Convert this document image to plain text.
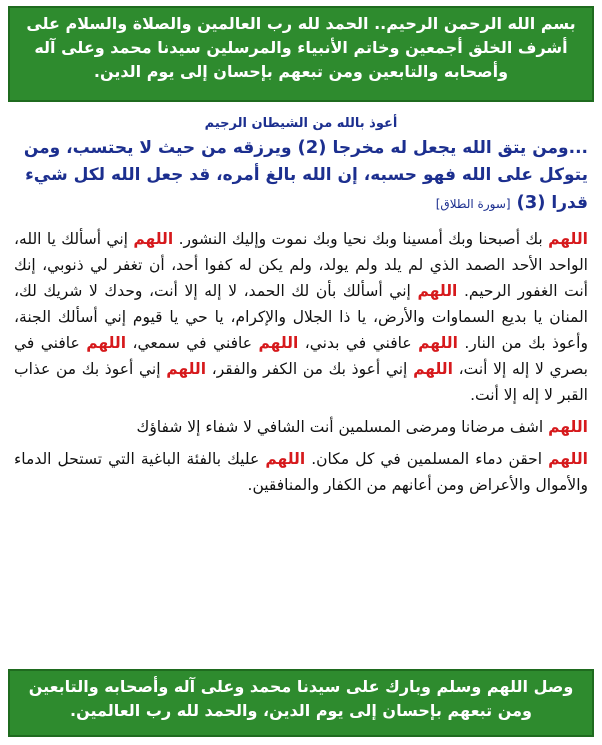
بسم الله الرحمن الرحيم.. الحمد لله رب العالمين والصلاة والسلام على أشرف الخلق أجمعين وخاتم الأنبياء والمرسلين سيدنا محمد وعلى آله وأصحابه والتابعين ومن تبعهم بإحسان إلى يوم الدين.
أعوذ بالله من الشيطان الرجيم
...ومن يتق الله يجعل له مخرجا (2) ويرزقه من حيث لا يحتسب، ومن يتوكل على الله فهو حسبه، إن الله بالغ أمره، قد جعل الله لكل شيء قدرا (3) [سورة الطلاق]

اللهم بك أصبحنا وبك أمسينا وبك نحيا وبك نموت وإليك النشور. اللهم إني أسألك يا الله، الواحد الأحد الصمد الذي لم يلد ولم يولد، ولم يكن له كفوا أحد، أن تغفر لي ذنوبي، إنك أنت الغفور الرحيم. اللهم إني أسألك بأن لك الحمد، لا إله إلا أنت، وحدك لا شريك لك، المنان يا بديع السماوات والأرض، يا ذا الجلال والإكرام، يا حي يا قيوم إني أسألك الجنة، وأعوذ بك من النار. اللهم عافني في بدني، اللهم عافني في سمعي، اللهم عافني في بصري لا إله إلا أنت، اللهم إني أعوذ بك من الكفر والفقر، اللهم إني أعوذ بك من عذاب القبر لا إله إلا أنت.

اللهم اشف مرضانا ومرضى المسلمين أنت الشافي لا شفاء إلا شفاؤك

اللهم احقن دماء المسلمين في كل مكان. اللهم عليك بالفئة الباغية التي تستحل الدماء والأموال والأعراض ومن أعانهم من الكفار والمنافقين.

وصل اللهم وسلم وبارك على سيدنا محمد وعلى آله وأصحابه والتابعين ومن تبعهم بإحسان إلى يوم الدين، والحمد لله رب العالمين.
